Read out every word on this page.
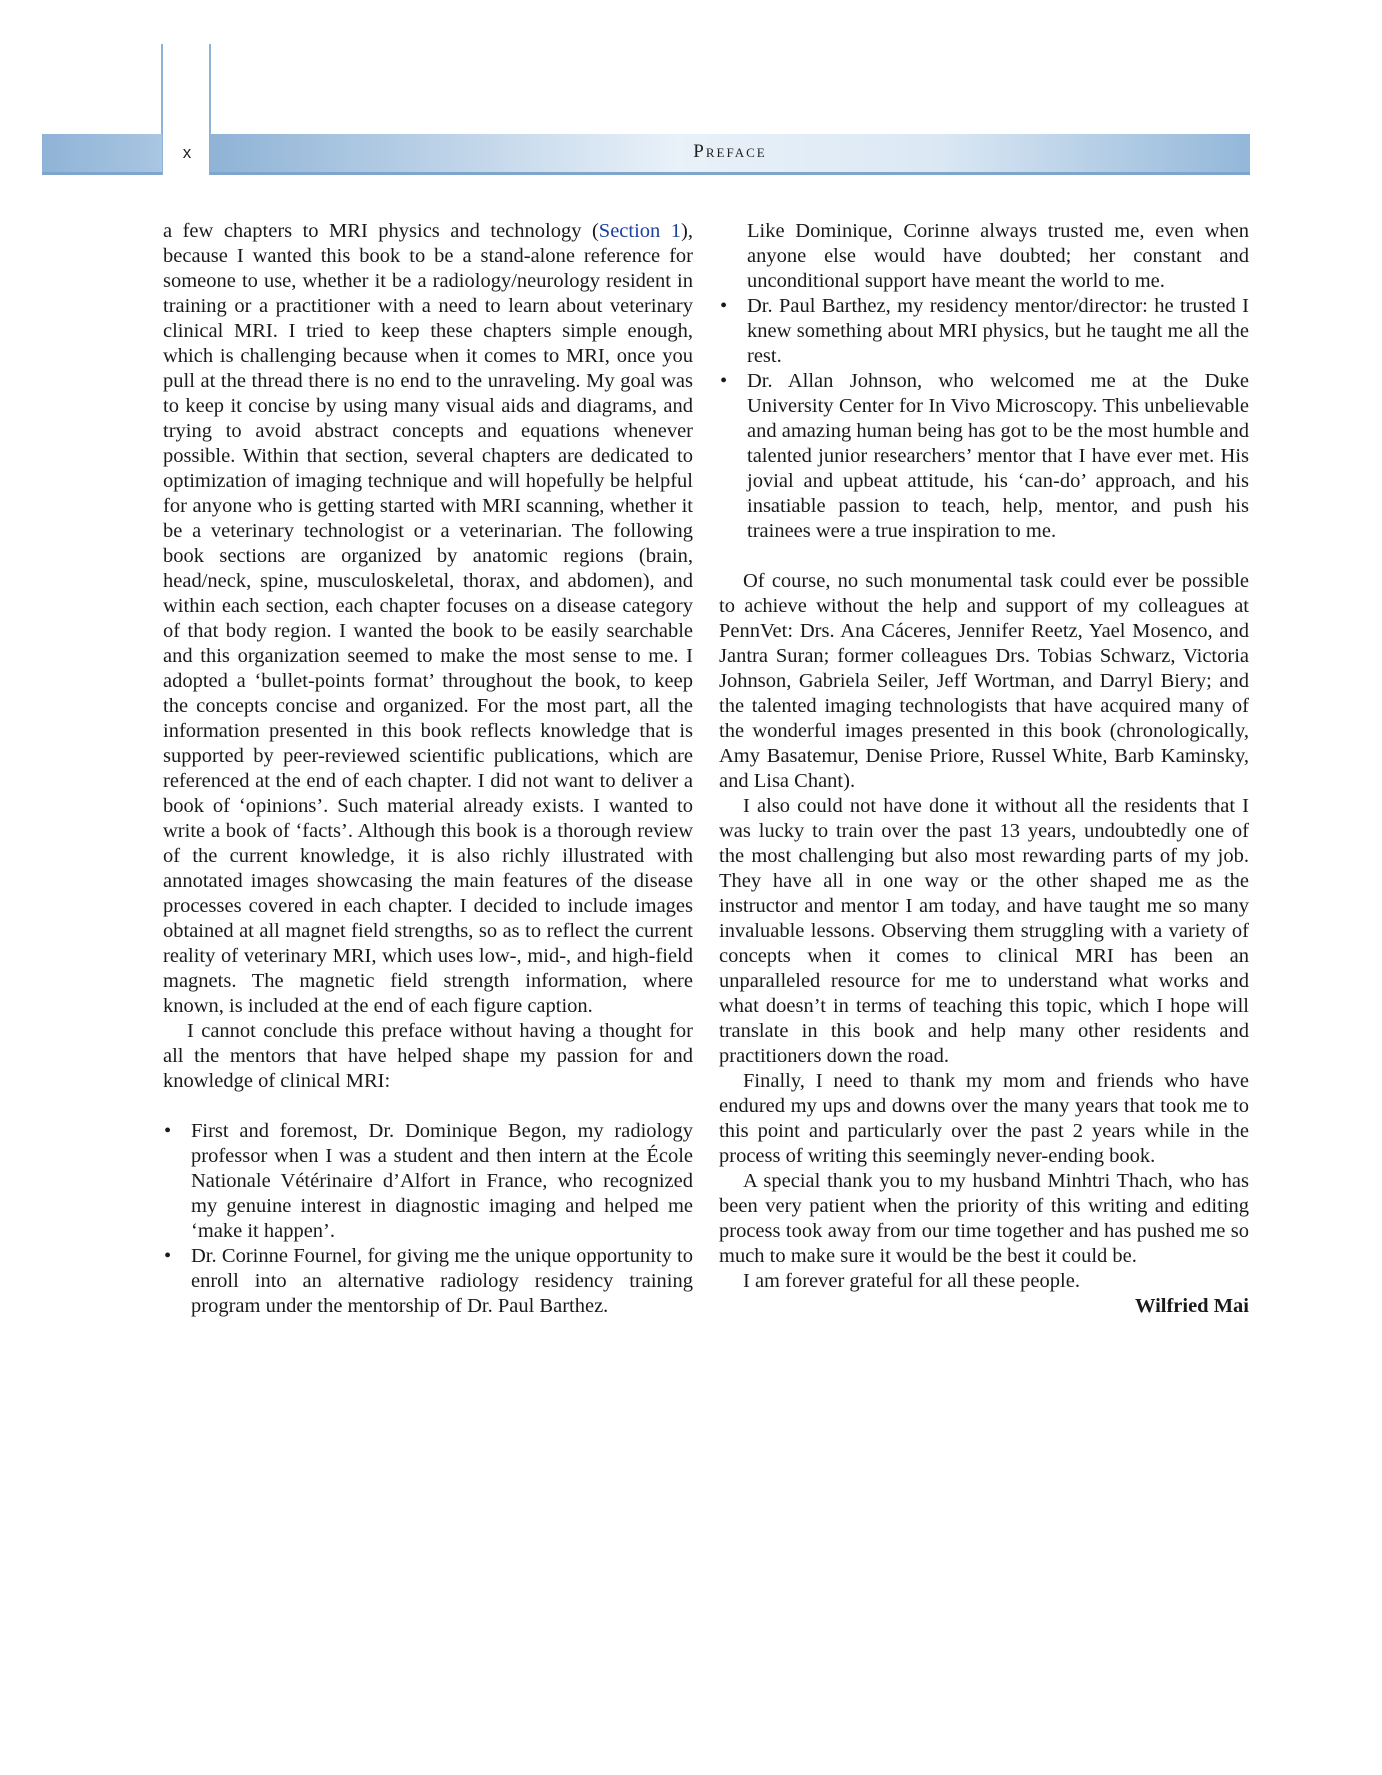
x	Preface

a few chapters to MRI physics and technology (Section 1), because I wanted this book to be a stand-alone reference for someone to use, whether it be a radiology/neurology resident in training or a practitioner with a need to learn about veterinary clinical MRI. I tried to keep these chapters simple enough, which is challenging because when it comes to MRI, once you pull at the thread there is no end to the unraveling. My goal was to keep it concise by using many visual aids and diagrams, and trying to avoid abstract concepts and equations whenever possible. Within that section, several chapters are dedicated to optimization of imaging technique and will hopefully be helpful for anyone who is getting started with MRI scanning, whether it be a veterinary technologist or a veterinarian. The following book sections are organized by anatomic regions (brain, head/neck, spine, musculoskeletal, thorax, and abdomen), and within each section, each chapter focuses on a disease category of that body region. I wanted the book to be easily searchable and this organization seemed to make the most sense to me. I adopted a ‘bullet-points format’ throughout the book, to keep the concepts concise and organized. For the most part, all the information presented in this book reflects knowledge that is supported by peer-reviewed scientific publications, which are referenced at the end of each chapter. I did not want to deliver a book of ‘opinions’. Such material already exists. I wanted to write a book of ‘facts’. Although this book is a thorough review of the current knowledge, it is also richly illustrated with annotated images showcasing the main features of the disease processes covered in each chapter. I decided to include images obtained at all magnet field strengths, so as to reflect the current reality of veterinary MRI, which uses low-, mid-, and high-field magnets. The magnetic field strength information, where known, is included at the end of each figure caption.

I cannot conclude this preface without having a thought for all the mentors that have helped shape my passion for and knowledge of clinical MRI:

• First and foremost, Dr. Dominique Begon, my radiology professor when I was a student and then intern at the École Nationale Vétérinaire d’Alfort in France, who recognized my genuine interest in diagnostic imaging and helped me ‘make it happen’.
• Dr. Corinne Fournel, for giving me the unique opportunity to enroll into an alternative radiology residency training program under the mentorship of Dr. Paul Barthez.
Like Dominique, Corinne always trusted me, even when anyone else would have doubted; her constant and unconditional support have meant the world to me.
• Dr. Paul Barthez, my residency mentor/director: he trusted I knew something about MRI physics, but he taught me all the rest.
• Dr. Allan Johnson, who welcomed me at the Duke University Center for In Vivo Microscopy. This unbelievable and amazing human being has got to be the most humble and talented junior researchers’ mentor that I have ever met. His jovial and upbeat attitude, his ‘can-do’ approach, and his insatiable passion to teach, help, mentor, and push his trainees were a true inspiration to me.

Of course, no such monumental task could ever be possible to achieve without the help and support of my colleagues at PennVet: Drs. Ana Cáceres, Jennifer Reetz, Yael Mosenco, and Jantra Suran; former colleagues Drs. Tobias Schwarz, Victoria Johnson, Gabriela Seiler, Jeff Wortman, and Darryl Biery; and the talented imaging technologists that have acquired many of the wonderful images presented in this book (chronologically, Amy Basatemur, Denise Priore, Russel White, Barb Kaminsky, and Lisa Chant).

I also could not have done it without all the residents that I was lucky to train over the past 13 years, undoubtedly one of the most challenging but also most rewarding parts of my job. They have all in one way or the other shaped me as the instructor and mentor I am today, and have taught me so many invaluable lessons. Observing them struggling with a variety of concepts when it comes to clinical MRI has been an unparalleled resource for me to understand what works and what doesn’t in terms of teaching this topic, which I hope will translate in this book and help many other residents and practitioners down the road.

Finally, I need to thank my mom and friends who have endured my ups and downs over the many years that took me to this point and particularly over the past 2 years while in the process of writing this seemingly never-ending book.

A special thank you to my husband Minhtri Thach, who has been very patient when the priority of this writing and editing process took away from our time together and has pushed me so much to make sure it would be the best it could be.

I am forever grateful for all these people.

Wilfried Mai
